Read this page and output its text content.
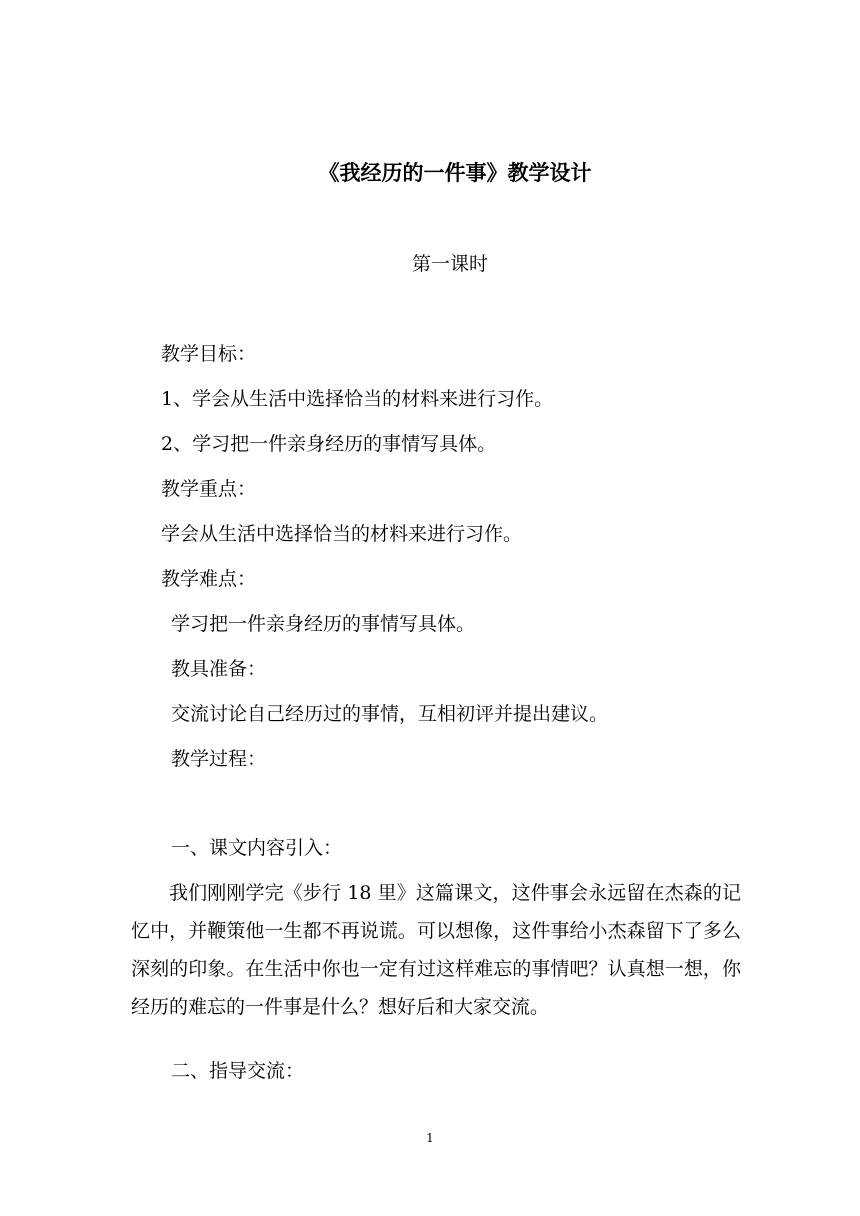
《我经历的一件事》教学设计
第一课时
教学目标：
1、学会从生活中选择恰当的材料来进行习作。
2、学习把一件亲身经历的事情写具体。
教学重点：
学会从生活中选择恰当的材料来进行习作。
教学难点：
学习把一件亲身经历的事情写具体。
教具准备：
交流讨论自己经历过的事情，互相初评并提出建议。
教学过程：
一、课文内容引入：
我们刚刚学完《步行 18 里》这篇课文，这件事会永远留在杰森的记忆中，并鞭策他一生都不再说谎。可以想像，这件事给小杰森留下了多么深刻的印象。在生活中你也一定有过这样难忘的事情吧？认真想一想，你经历的难忘的一件事是什么？想好后和大家交流。
二、指导交流：
1
